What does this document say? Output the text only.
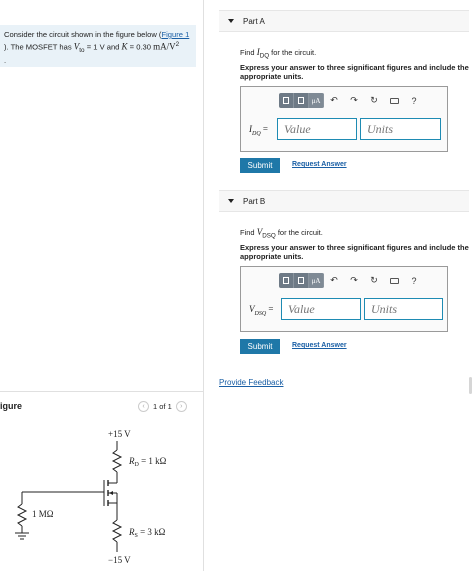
Consider the circuit shown in the figure below (Figure 1
). The MOSFET has $V_{to} = 1$ V and K = 0.30 $mA/V^2$
.
igure	‹	1 of 1	›
+15 V
$R_D = 1$ kΩ
1 MΩ
$R_S = 3$ kΩ
−15 V
Part A
Find $I_{DQ}$ for the circuit.
Express your answer to three significant figures and include the appropriate units.
μA	↶	↷	↻	?
$I_{DQ}$ =
Value
Units
Submit	Request Answer
Part B
Find $V_{DSQ}$ for the circuit.
Express your answer to three significant figures and include the appropriate units.
μA	↶	↷	↻	?
$V_{DSQ}$ =
Value
Units
Submit	Request Answer
Provide Feedback
